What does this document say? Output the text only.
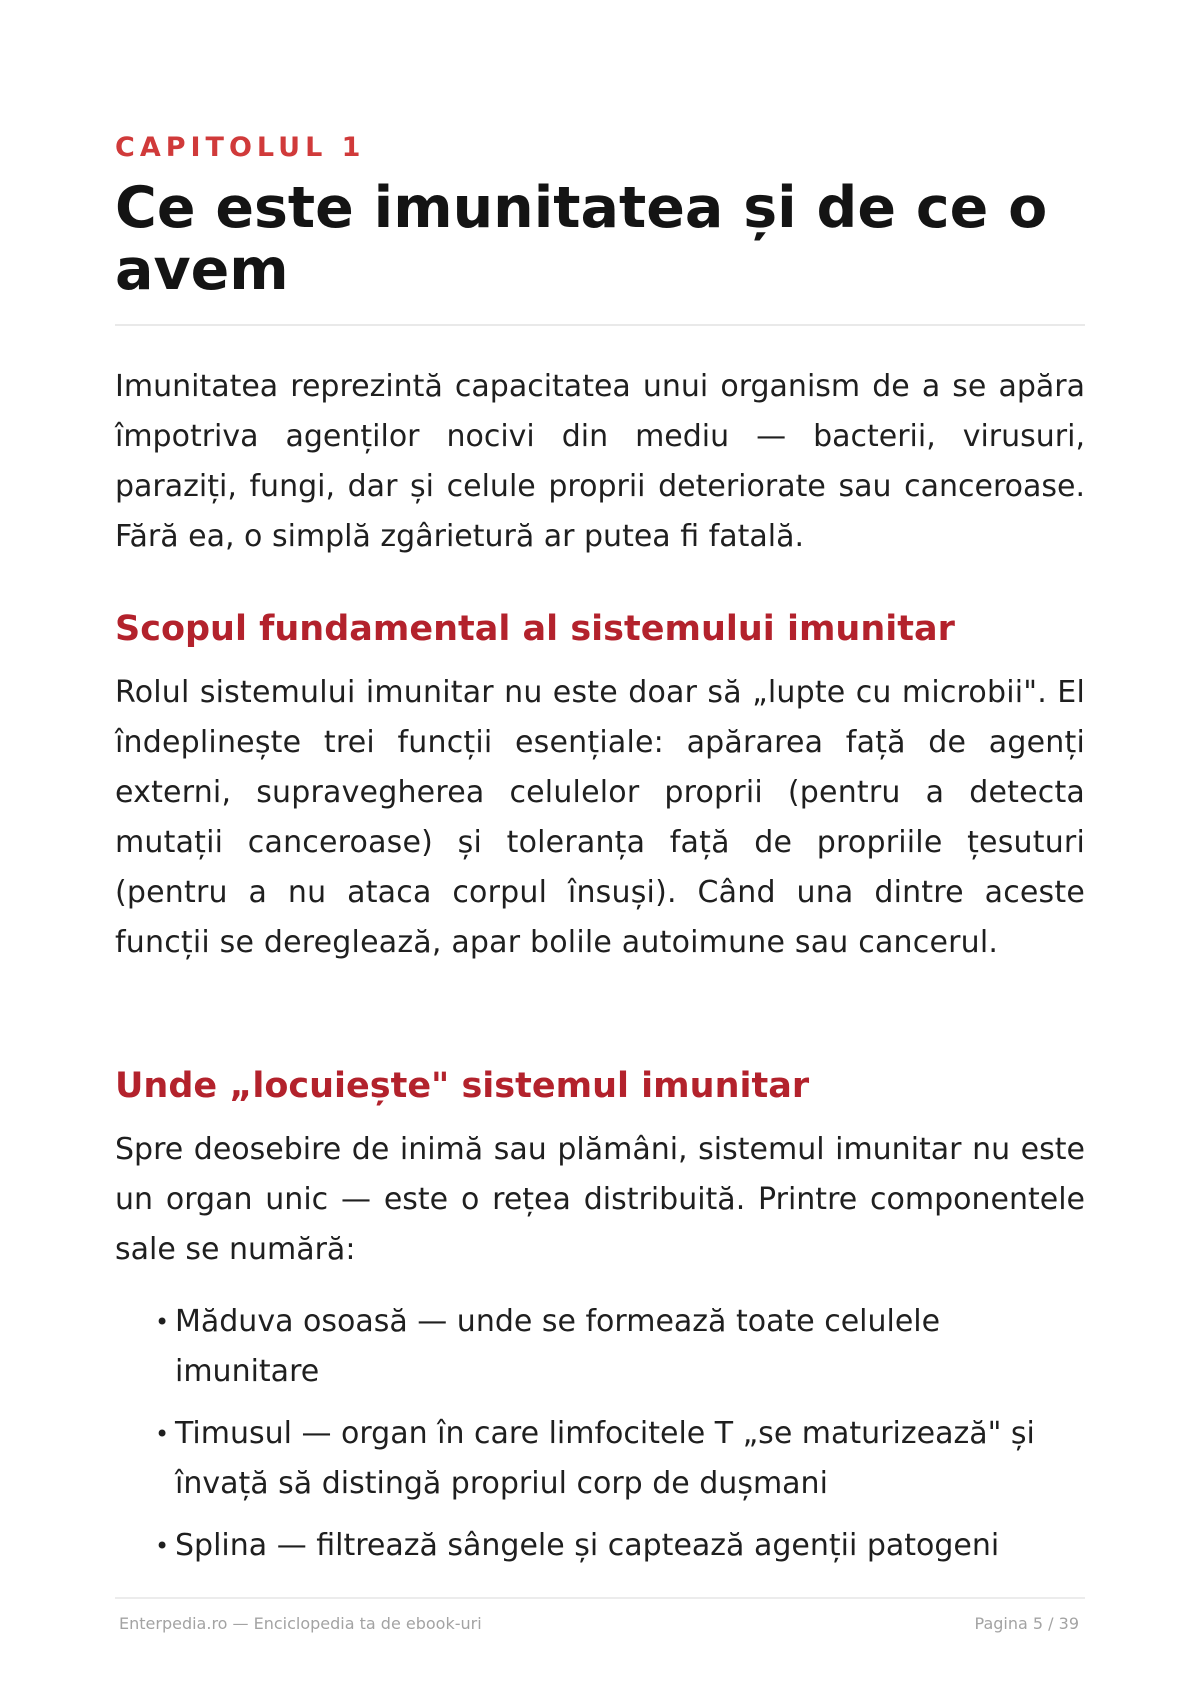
CAPITOLUL 1
Ce este imunitatea și de ce o avem

Imunitatea reprezintă capacitatea unui organism de a se apăra împotriva agenților nocivi din mediu — bacterii, virusuri, paraziți, fungi, dar și celule proprii deteriorate sau canceroase. Fără ea, o simplă zgârietură ar putea fi fatală.

Scopul fundamental al sistemului imunitar

Rolul sistemului imunitar nu este doar să „lupte cu microbii". El îndeplinește trei funcții esențiale: apărarea față de agenți externi, supravegherea celulelor proprii (pentru a detecta mutații canceroase) și toleranța față de propriile țesuturi (pentru a nu ataca corpul însuși). Când una dintre aceste funcții se dereglează, apar bolile autoimune sau cancerul.

Unde „locuiește" sistemul imunitar

Spre deosebire de inimă sau plămâni, sistemul imunitar nu este un organ unic — este o rețea distribuită. Printre componentele sale se numără:

• Măduva osoasă — unde se formează toate celulele imunitare
• Timusul — organ în care limfocitele T „se maturizează" și învață să distingă propriul corp de dușmani
• Splina — filtrează sângele și captează agenții patogeni
Enterpedia.ro — Enciclopedia ta de ebook-uri	Pagina 5 / 39
